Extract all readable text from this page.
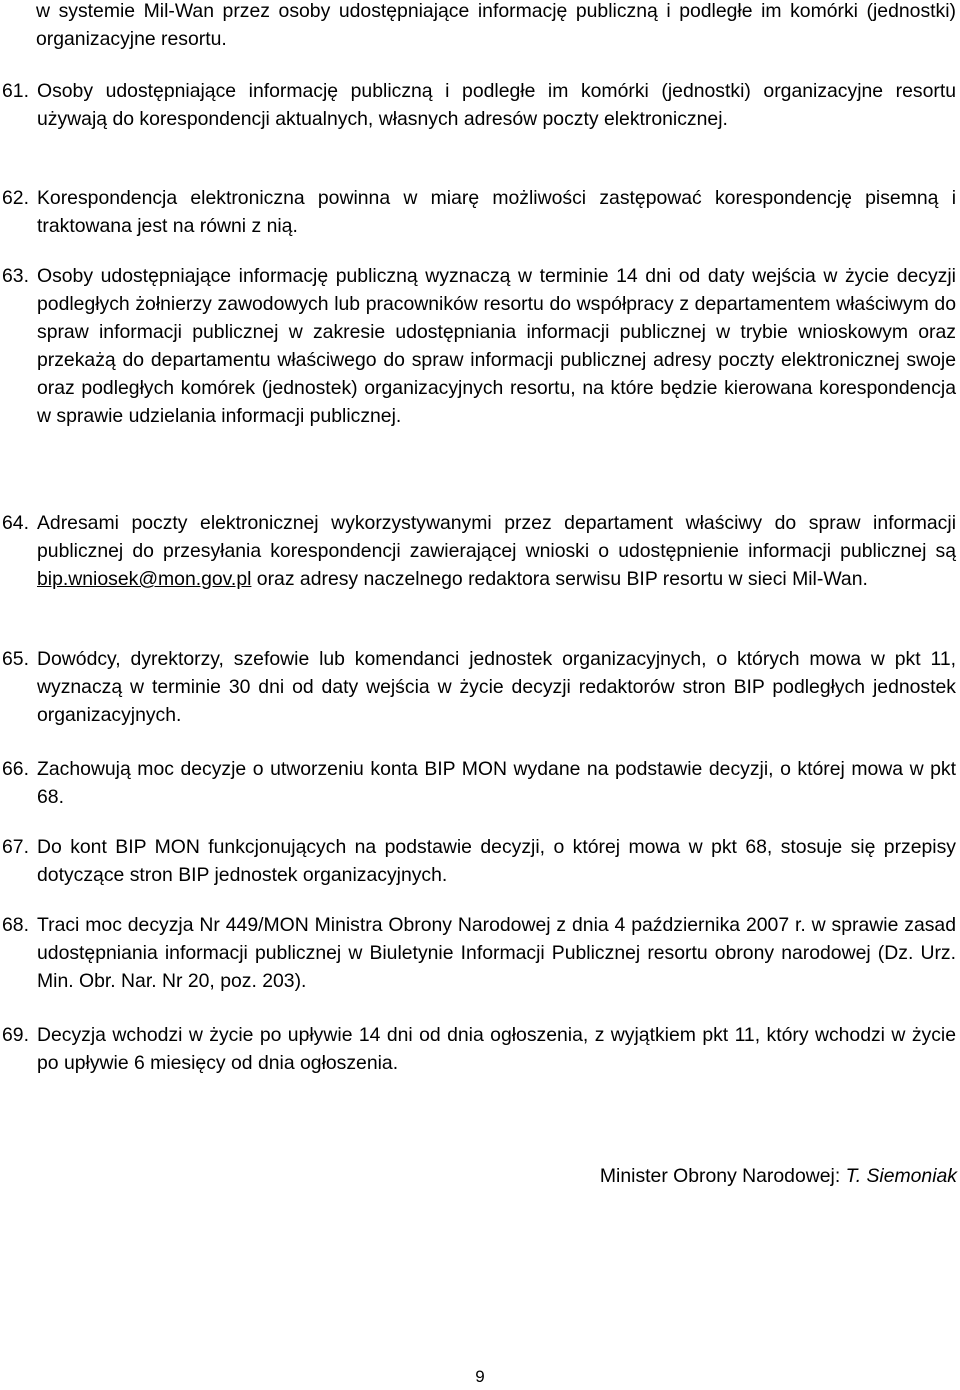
w systemie Mil-Wan przez osoby udostępniające informację publiczną i podległe im komórki (jednostki) organizacyjne resortu.
61. Osoby udostępniające informację publiczną i podległe im komórki (jednostki) organizacyjne resortu używają do korespondencji aktualnych, własnych adresów poczty elektronicznej.
62. Korespondencja elektroniczna powinna w miarę możliwości zastępować korespondencję pisemną i traktowana jest na równi z nią.
63. Osoby udostępniające informację publiczną wyznaczą w terminie 14 dni od daty wejścia w życie decyzji podległych żołnierzy zawodowych lub pracowników resortu do współpracy z departamentem właściwym do spraw informacji publicznej w zakresie udostępniania informacji publicznej w trybie wnioskowym oraz przekażą do departamentu właściwego do spraw informacji publicznej adresy poczty elektronicznej swoje oraz podległych komórek (jednostek) organizacyjnych resortu, na które będzie kierowana korespondencja w sprawie udzielania informacji publicznej.
64. Adresami poczty elektronicznej wykorzystywanymi przez departament właściwy do spraw informacji publicznej do przesyłania korespondencji zawierającej wnioski o udostępnienie informacji publicznej są bip.wniosek@mon.gov.pl oraz adresy naczelnego redaktora serwisu BIP resortu w sieci Mil-Wan.
65. Dowódcy, dyrektorzy, szefowie lub komendanci jednostek organizacyjnych, o których mowa w pkt 11, wyznaczą w terminie 30 dni od daty wejścia w życie decyzji redaktorów stron BIP podległych jednostek organizacyjnych.
66. Zachowują moc decyzje o utworzeniu konta BIP MON wydane na podstawie decyzji, o której mowa w pkt 68.
67. Do kont BIP MON funkcjonujących na podstawie decyzji, o której mowa w pkt 68, stosuje się przepisy dotyczące stron BIP jednostek organizacyjnych.
68. Traci moc decyzja Nr 449/MON Ministra Obrony Narodowej z dnia 4 października 2007 r. w sprawie zasad udostępniania informacji publicznej w Biuletynie Informacji Publicznej resortu obrony narodowej (Dz. Urz. Min. Obr. Nar. Nr 20, poz. 203).
69. Decyzja wchodzi w życie po upływie 14 dni od dnia ogłoszenia, z wyjątkiem pkt 11, który wchodzi w życie po upływie 6 miesięcy od dnia ogłoszenia.
Minister Obrony Narodowej: T. Siemoniak
9
